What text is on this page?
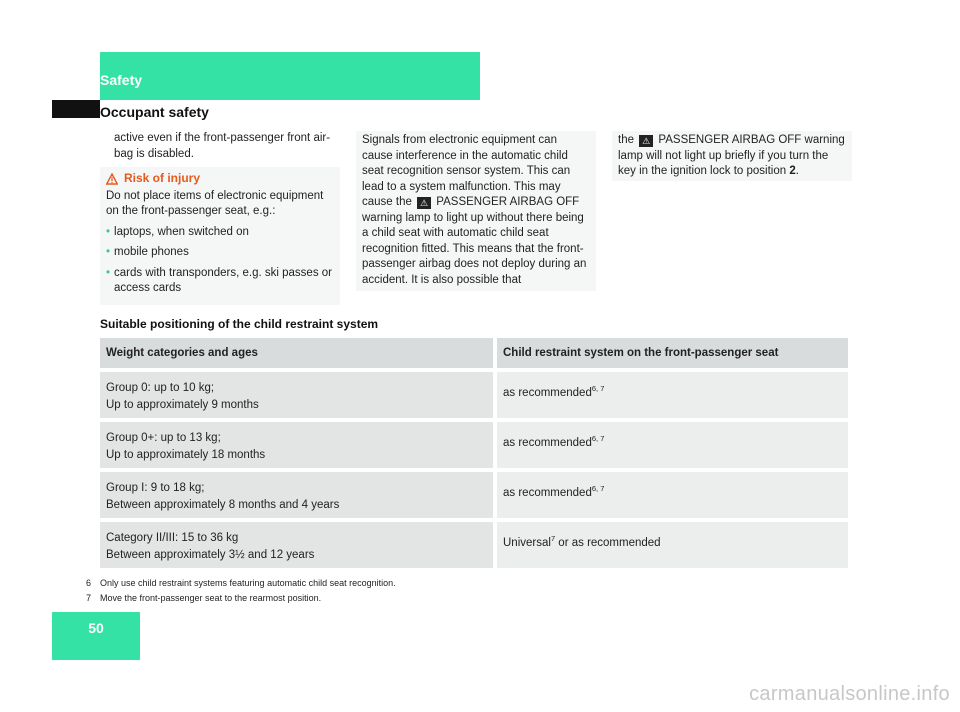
Safety
Occupant safety
active even if the front-passenger front air-bag is disabled.
Risk of injury
Do not place items of electronic equipment on the front-passenger seat, e.g.:
• laptops, when switched on
• mobile phones
• cards with transponders, e.g. ski passes or access cards
Signals from electronic equipment can cause interference in the automatic child seat recognition sensor system. This can lead to a system malfunction. This may cause the ⚠ PASSENGER AIRBAG OFF warning lamp to light up without there being a child seat with automatic child seat recognition fitted. This means that the front-passenger airbag does not deploy during an accident. It is also possible that
the ⚠ PASSENGER AIRBAG OFF warning lamp will not light up briefly if you turn the key in the ignition lock to position 2.
Suitable positioning of the child restraint system
Weight categories and ages	Child restraint system on the front-passenger seat

Group 0: up to 10 kg;
Up to approximately 9 months	as recommended$^{6, 7}$

Group 0+: up to 13 kg;
Up to approximately 18 months	as recommended$^{6, 7}$

Group I: 9 to 18 kg;
Between approximately 8 months and 4 years	as recommended$^{6, 7}$

Category II/III: 15 to 36 kg
Between approximately 3½ and 12 years	Universal$^7$ or as recommended
6 Only use child restraint systems featuring automatic child seat recognition.
7 Move the front-passenger seat to the rearmost position.
50
carmanualsonline.info
